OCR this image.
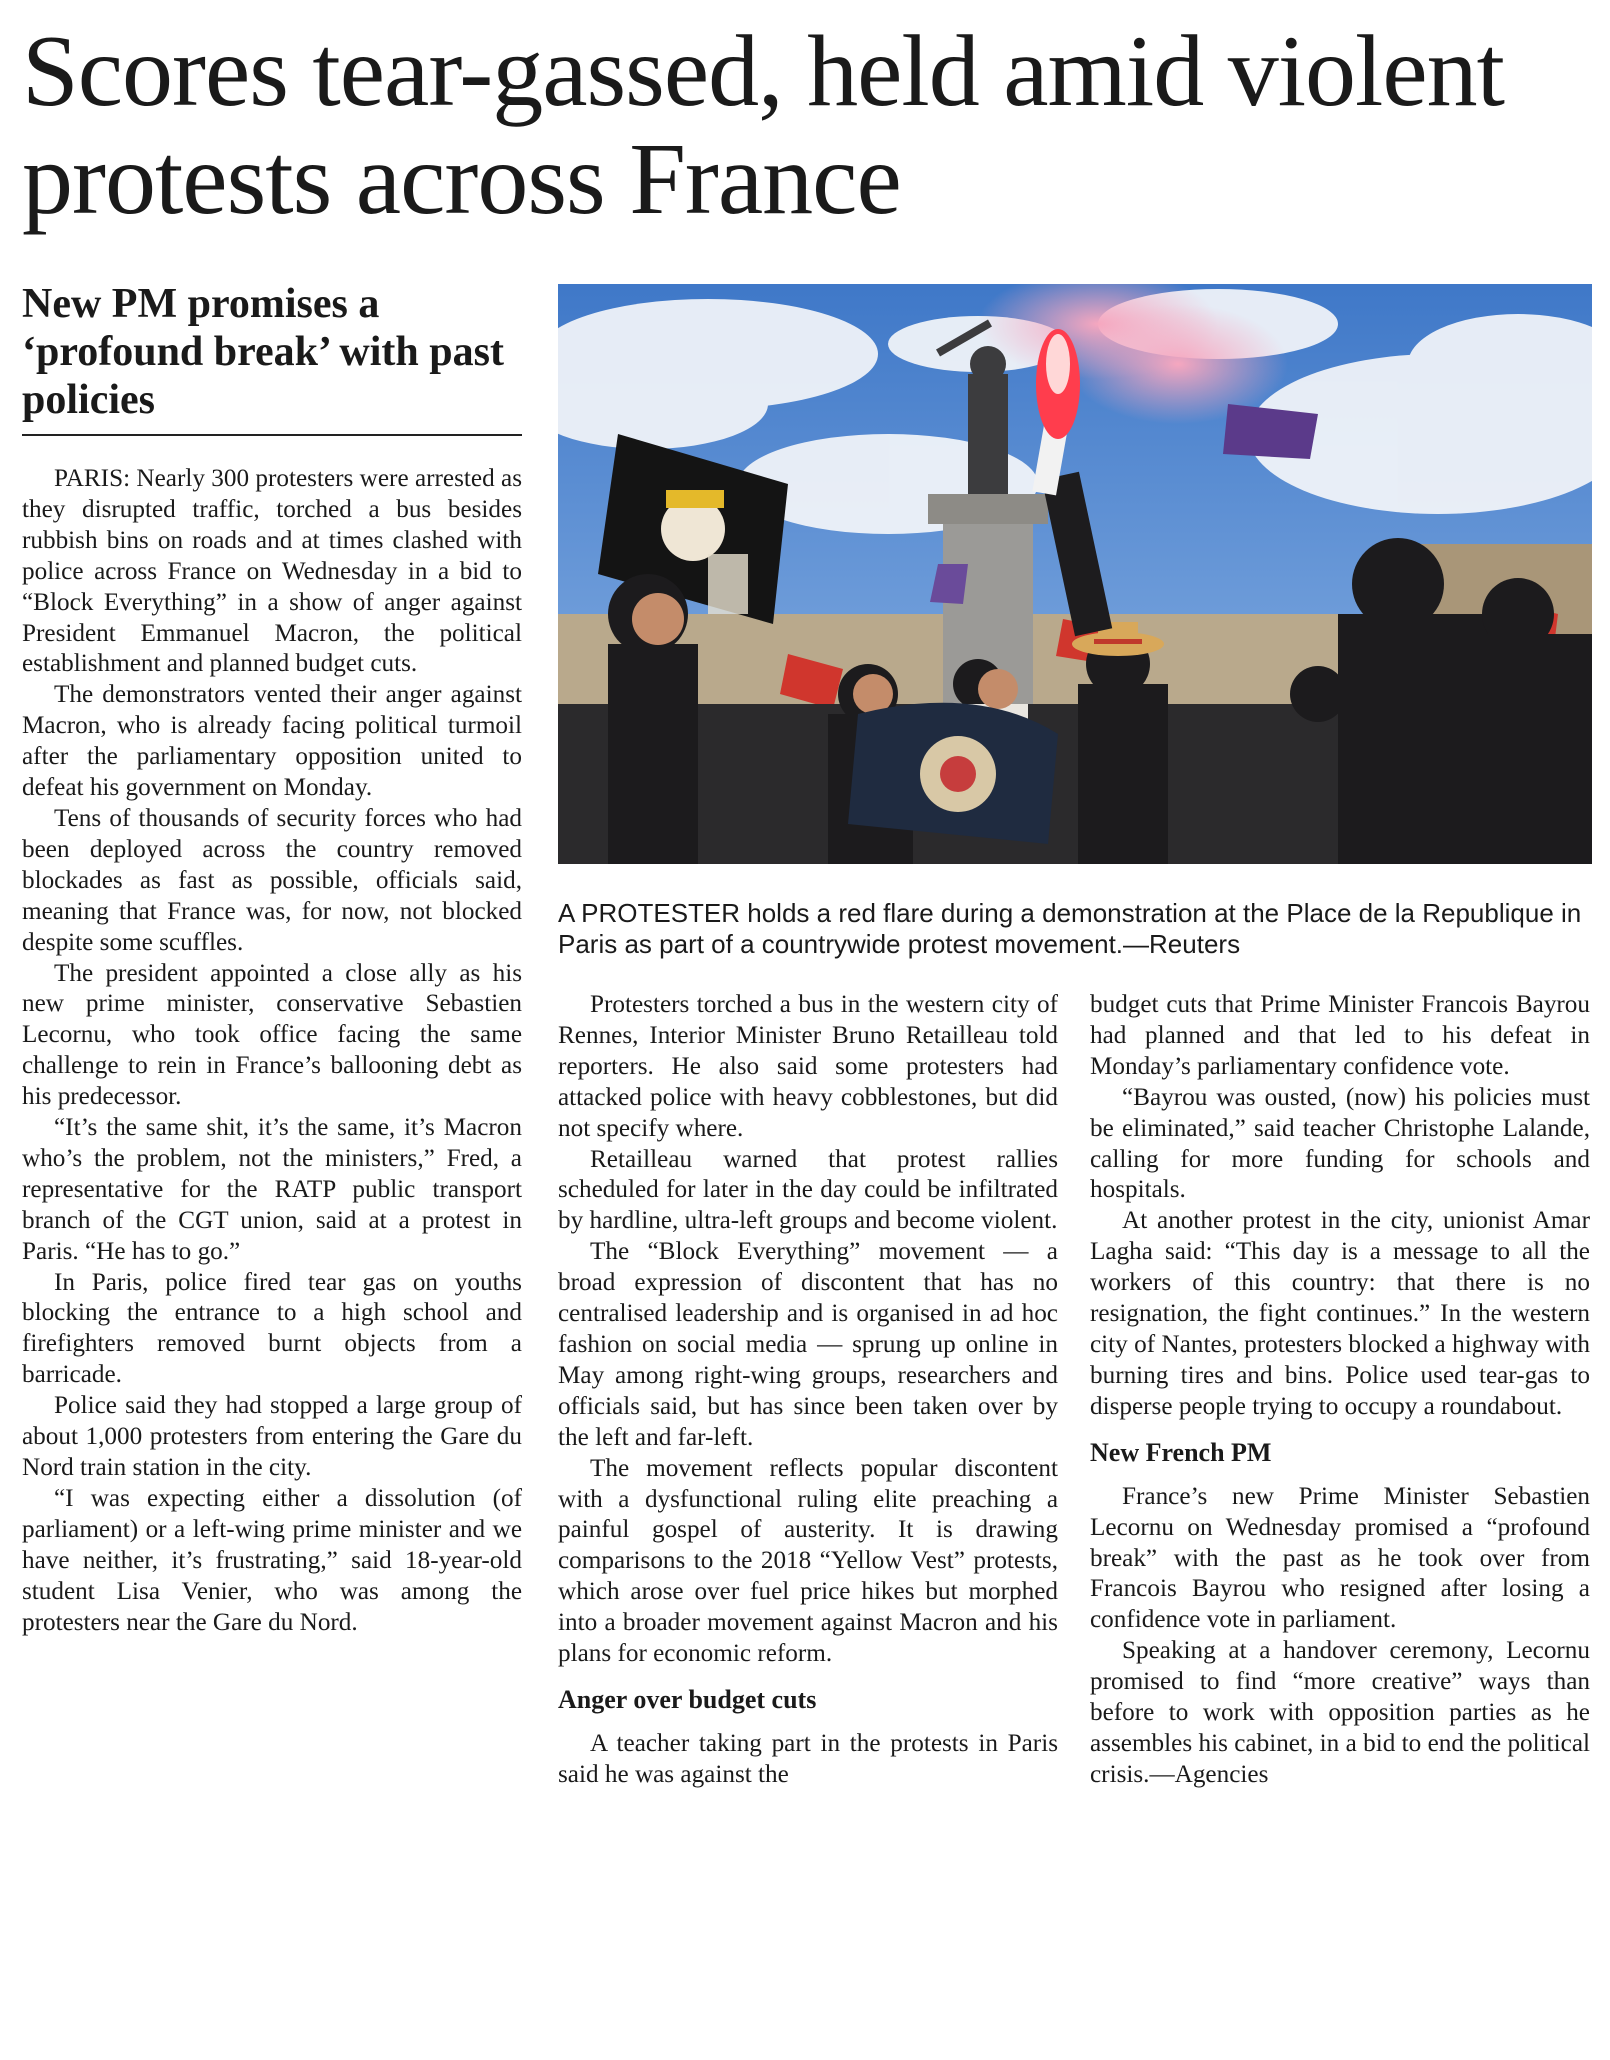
Scores tear-gassed, held amid violent protests across France
New PM promises a ‘profound break’ with past policies

A PROTESTER holds a red flare during a demonstration at the Place de la Republique in Paris as part of a countrywide protest movement.—Reuters

PARIS: Nearly 300 protesters were arrested as they disrupted traffic, torched a bus besides rubbish bins on roads and at times clashed with police across France on Wednesday in a bid to “Block Everything” in a show of anger against President Emmanuel Macron, the political establishment and planned budget cuts.

The demonstrators vented their anger against Macron, who is already facing political turmoil after the parliamentary opposition united to defeat his government on Monday.

Tens of thousands of security forces who had been deployed across the country removed blockades as fast as possible, officials said, meaning that France was, for now, not blocked despite some scuffles.

The president appointed a close ally as his new prime minister, conservative Sebastien Lecornu, who took office facing the same challenge to rein in France’s ballooning debt as his predecessor.

“It’s the same shit, it’s the same, it’s Macron who’s the problem, not the ministers,” Fred, a representative for the RATP public transport branch of the CGT union, said at a protest in Paris. “He has to go.”

In Paris, police fired tear gas on youths blocking the entrance to a high school and firefighters removed burnt objects from a barricade.

Police said they had stopped a large group of about 1,000 protesters from entering the Gare du Nord train station in the city.

“I was expecting either a dissolution (of parliament) or a left-wing prime minister and we have neither, it’s frustrating,” said 18-year-old student Lisa Venier, who was among the protesters near the Gare du Nord.

Protesters torched a bus in the western city of Rennes, Interior Minister Bruno Retailleau told reporters. He also said some protesters had attacked police with heavy cobblestones, but did not specify where.

Retailleau warned that protest rallies scheduled for later in the day could be infiltrated by hardline, ultra-left groups and become violent.

The “Block Everything” movement — a broad expression of discontent that has no centralised leadership and is organised in ad hoc fashion on social media — sprung up online in May among right-wing groups, researchers and officials said, but has since been taken over by the left and far-left.

The movement reflects popular discontent with a dysfunctional ruling elite preaching a painful gospel of austerity. It is drawing comparisons to the 2018 “Yellow Vest” protests, which arose over fuel price hikes but morphed into a broader movement against Macron and his plans for economic reform.

Anger over budget cuts

A teacher taking part in the protests in Paris said he was against the

budget cuts that Prime Minister Francois Bayrou had planned and that led to his defeat in Monday’s parliamentary confidence vote.

“Bayrou was ousted, (now) his policies must be eliminated,” said teacher Christophe Lalande, calling for more funding for schools and hospitals.

At another protest in the city, unionist Amar Lagha said: “This day is a message to all the workers of this country: that there is no resignation, the fight continues.” In the western city of Nantes, protesters blocked a highway with burning tires and bins. Police used tear-gas to disperse people trying to occupy a roundabout.

New French PM

France’s new Prime Minister Sebastien Lecornu on Wednesday promised a “profound break” with the past as he took over from Francois Bayrou who resigned after losing a confidence vote in parliament.

Speaking at a handover ceremony, Lecornu promised to find “more creative” ways than before to work with opposition parties as he assembles his cabinet, in a bid to end the political crisis.—Agencies
